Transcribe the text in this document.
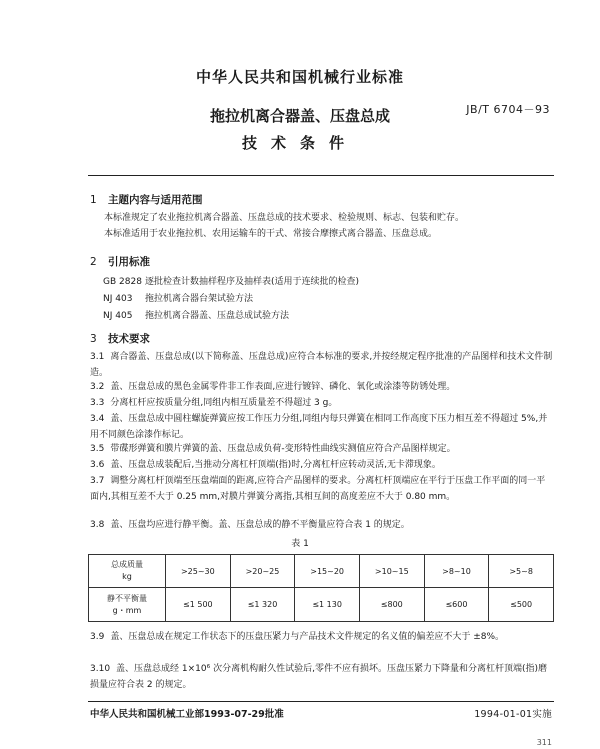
中华人民共和国机械行业标准
JB/T 6704－93
拖拉机离合器盖、压盘总成
技术条件
1 主题内容与适用范围
本标准规定了农业拖拉机离合器盖、压盘总成的技术要求、检验规则、标志、包装和贮存。
本标准适用于农业拖拉机、农用运输车的干式、常接合摩擦式离合器盖、压盘总成。
2 引用标准
GB 2828 逐批检查计数抽样程序及抽样表(适用于连续批的检查)
NJ 403 拖拉机离合器台架试验方法
NJ 405 拖拉机离合器盖、压盘总成试验方法
3 技术要求
3.1 离合器盖、压盘总成(以下简称盖、压盘总成)应符合本标准的要求,并按经规定程序批准的产品图样和技术文件制造。
3.2 盖、压盘总成的黑色金属零件非工作表面,应进行镀锌、磷化、氧化或涂漆等防锈处理。
3.3 分离杠杆应按质量分组,同组内相互质量差不得超过 3 g。
3.4 盖、压盘总成中圆柱螺旋弹簧应按工作压力分组,同组内每只弹簧在相同工作高度下压力相互差不得超过 5%,并用不同颜色涂漆作标记。
3.5 带碟形弹簧和膜片弹簧的盖、压盘总成负荷-变形特性曲线实测值应符合产品图样规定。
3.6 盖、压盘总成装配后,当推动分离杠杆顶端(指)时,分离杠杆应转动灵活,无卡滞现象。
3.7 调整分离杠杆顶端至压盘端面的距离,应符合产品图样的要求。分离杠杆顶端应在平行于压盘工作平面的同一平面内,其相互差不大于 0.25 mm,对膜片弹簧分离指,其相互间的高度差应不大于 0.80 mm。
3.8 盖、压盘均应进行静平衡。盖、压盘总成的静不平衡量应符合表 1 的规定。
表 1
总成质量
kg	>25~30	>20~25	>15~20	>10~15	>8~10	>5~8

静不平衡量
g・mm	≤1 500	≤1 320	≤1 130	≤800	≤600	≤500
3.9 盖、压盘总成在规定工作状态下的压盘压紧力与产品技术文件规定的名义值的偏差应不大于 ±8%。
3.10 盖、压盘总成经 1×10⁶ 次分离机构耐久性试验后,零件不应有损坏。压盘压紧力下降量和分离杠杆顶端(指)磨损量应符合表 2 的规定。
中华人民共和国机械工业部1993-07-29批准	1994-01-01实施
311
